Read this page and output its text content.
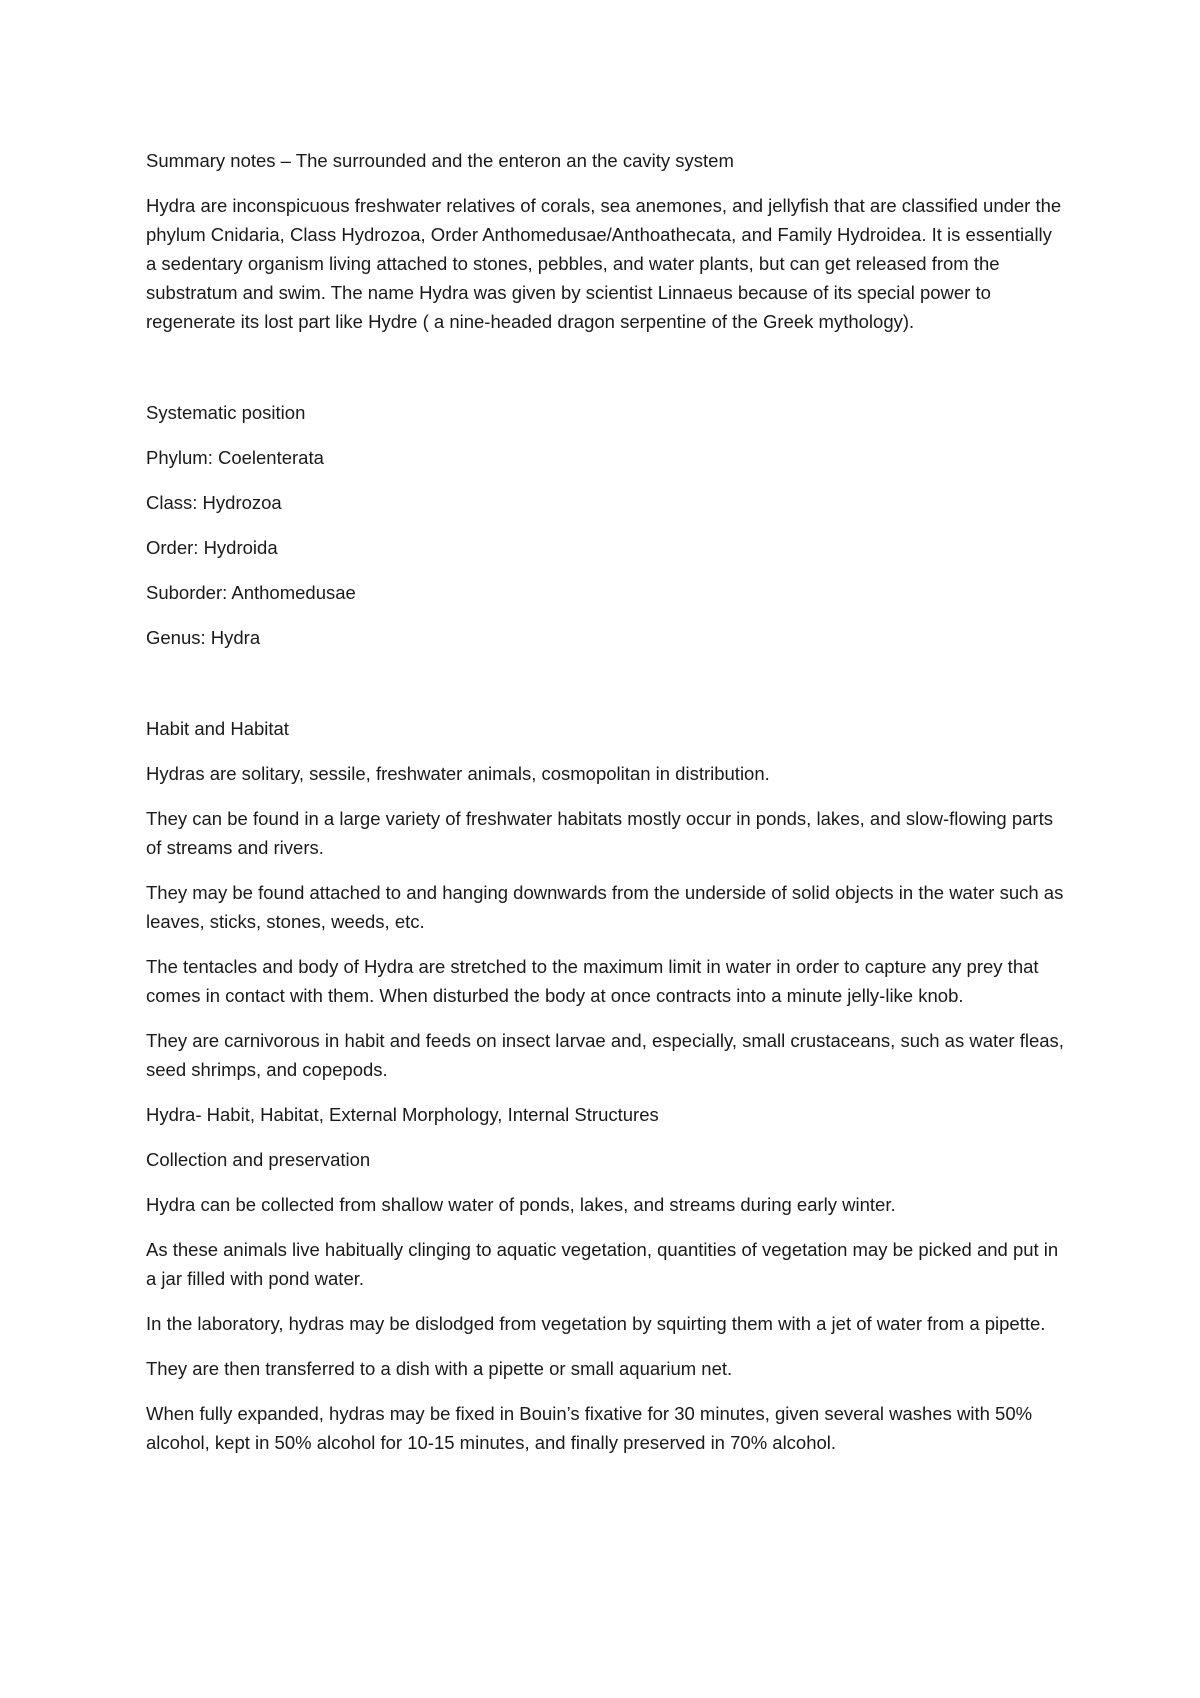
Summary notes – The surrounded and the enteron an the cavity system

Hydra are inconspicuous freshwater relatives of corals, sea anemones, and jellyfish that are classified under the phylum Cnidaria, Class Hydrozoa, Order Anthomedusae/Anthoathecata, and Family Hydroidea. It is essentially a sedentary organism living attached to stones, pebbles, and water plants, but can get released from the substratum and swim. The name Hydra was given by scientist Linnaeus because of its special power to regenerate its lost part like Hydre ( a nine-headed dragon serpentine of the Greek mythology).

Systematic position

Phylum: Coelenterata

Class: Hydrozoa

Order: Hydroida

Suborder: Anthomedusae

Genus: Hydra

Habit and Habitat

Hydras are solitary, sessile, freshwater animals, cosmopolitan in distribution.

They can be found in a large variety of freshwater habitats mostly occur in ponds, lakes, and slow-flowing parts of streams and rivers.

They may be found attached to and hanging downwards from the underside of solid objects in the water such as leaves, sticks, stones, weeds, etc.

The tentacles and body of Hydra are stretched to the maximum limit in water in order to capture any prey that comes in contact with them. When disturbed the body at once contracts into a minute jelly-like knob.

They are carnivorous in habit and feeds on insect larvae and, especially, small crustaceans, such as water fleas, seed shrimps, and copepods.

Hydra- Habit, Habitat, External Morphology, Internal Structures

Collection and preservation

Hydra can be collected from shallow water of ponds, lakes, and streams during early winter.

As these animals live habitually clinging to aquatic vegetation, quantities of vegetation may be picked and put in a jar filled with pond water.

In the laboratory, hydras may be dislodged from vegetation by squirting them with a jet of water from a pipette.

They are then transferred to a dish with a pipette or small aquarium net.

When fully expanded, hydras may be fixed in Bouin’s fixative for 30 minutes, given several washes with 50% alcohol, kept in 50% alcohol for 10-15 minutes, and finally preserved in 70% alcohol.
